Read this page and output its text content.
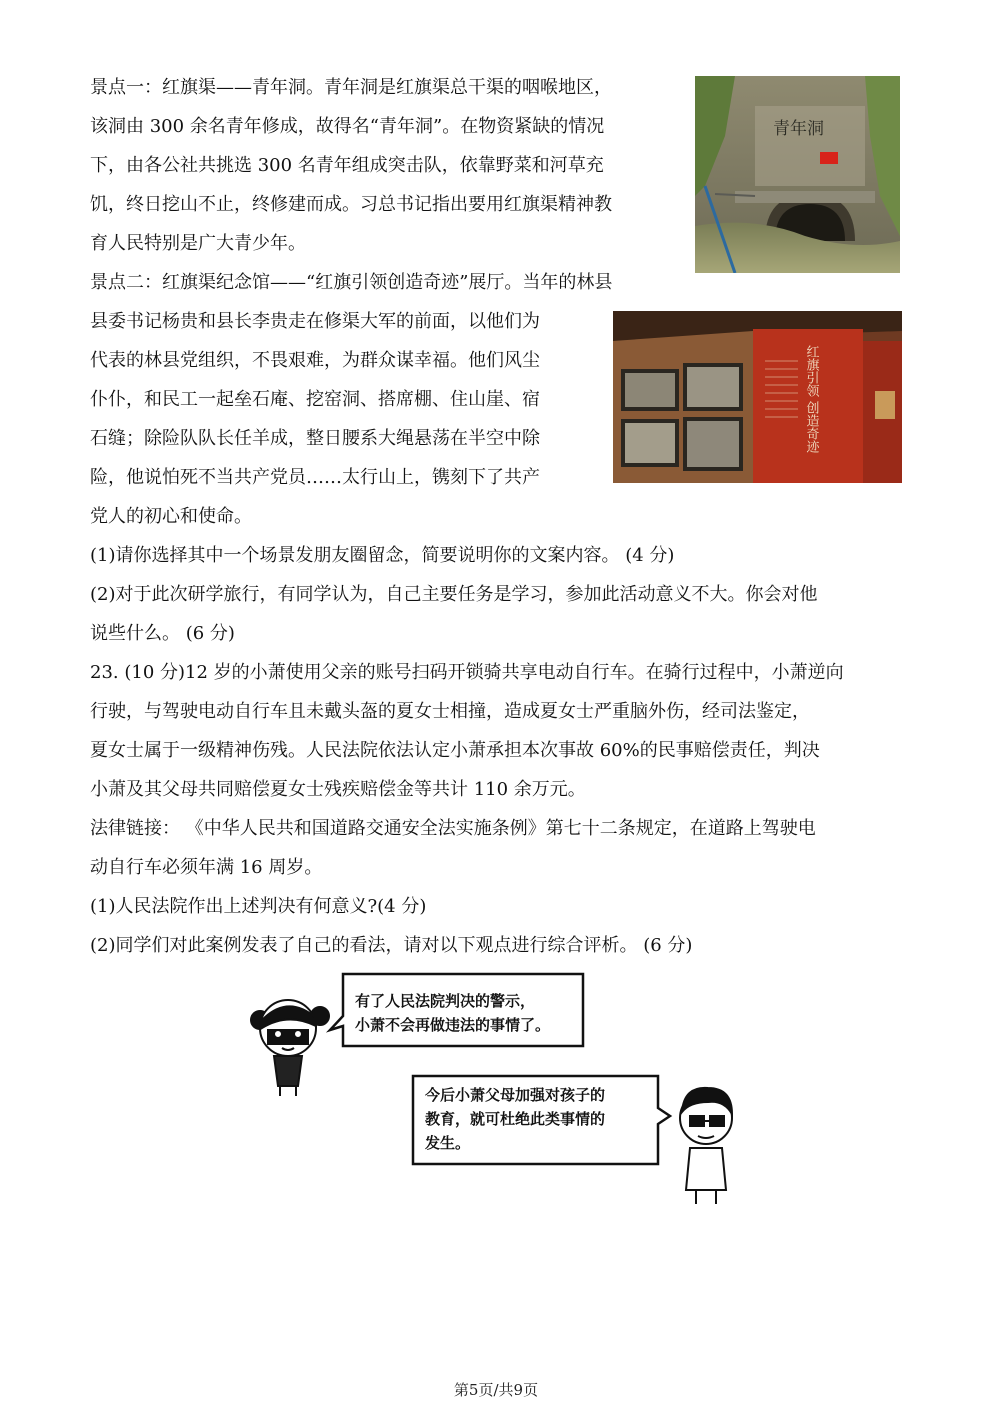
景点一：红旗渠——青年洞。青年洞是红旗渠总干渠的咽喉地区，
该洞由 300 余名青年修成，故得名“青年洞”。在物资紧缺的情况
下，由各公社共挑选 300 名青年组成突击队，依靠野菜和河草充
饥，终日挖山不止，终修建而成。习总书记指出要用红旗渠精神教
育人民特别是广大青少年。
青年洞
景点二：红旗渠纪念馆——“红旗引领创造奇迹”展厅。当年的林县
县委书记杨贵和县长李贵走在修渠大军的前面，以他们为
代表的林县党组织，不畏艰难，为群众谋幸福。他们风尘
仆仆，和民工一起垒石庵、挖窑洞、搭席棚、住山崖、宿
石缝；除险队队长任羊成，整日腰系大绳悬荡在半空中除
险，他说怕死不当共产党员……太行山上，镌刻下了共产
党人的初心和使命。
红旗引领 创造奇迹
(1)请你选择其中一个场景发朋友圈留念，简要说明你的文案内容。 (4 分)
(2)对于此次研学旅行，有同学认为，自己主要任务是学习，参加此活动意义不大。你会对他
说些什么。 (6 分)
23. (10 分)12 岁的小萧使用父亲的账号扫码开锁骑共享电动自行车。在骑行过程中，小萧逆向
行驶，与驾驶电动自行车且未戴头盔的夏女士相撞，造成夏女士严重脑外伤，经司法鉴定，
夏女士属于一级精神伤残。人民法院依法认定小萧承担本次事故 60%的民事赔偿责任，判决
小萧及其父母共同赔偿夏女士残疾赔偿金等共计 110 余万元。
法律链接： 《中华人民共和国道路交通安全法实施条例》第七十二条规定，在道路上驾驶电
动自行车必须年满 16 周岁。
(1)人民法院作出上述判决有何意义?(4 分)
(2)同学们对此案例发表了自己的看法，请对以下观点进行综合评析。 (6 分)
有了人民法院判决的警示，
小萧不会再做违法的事情了。
今后小萧父母加强对孩子的
教育，就可杜绝此类事情的
发生。
第5页/共9页
